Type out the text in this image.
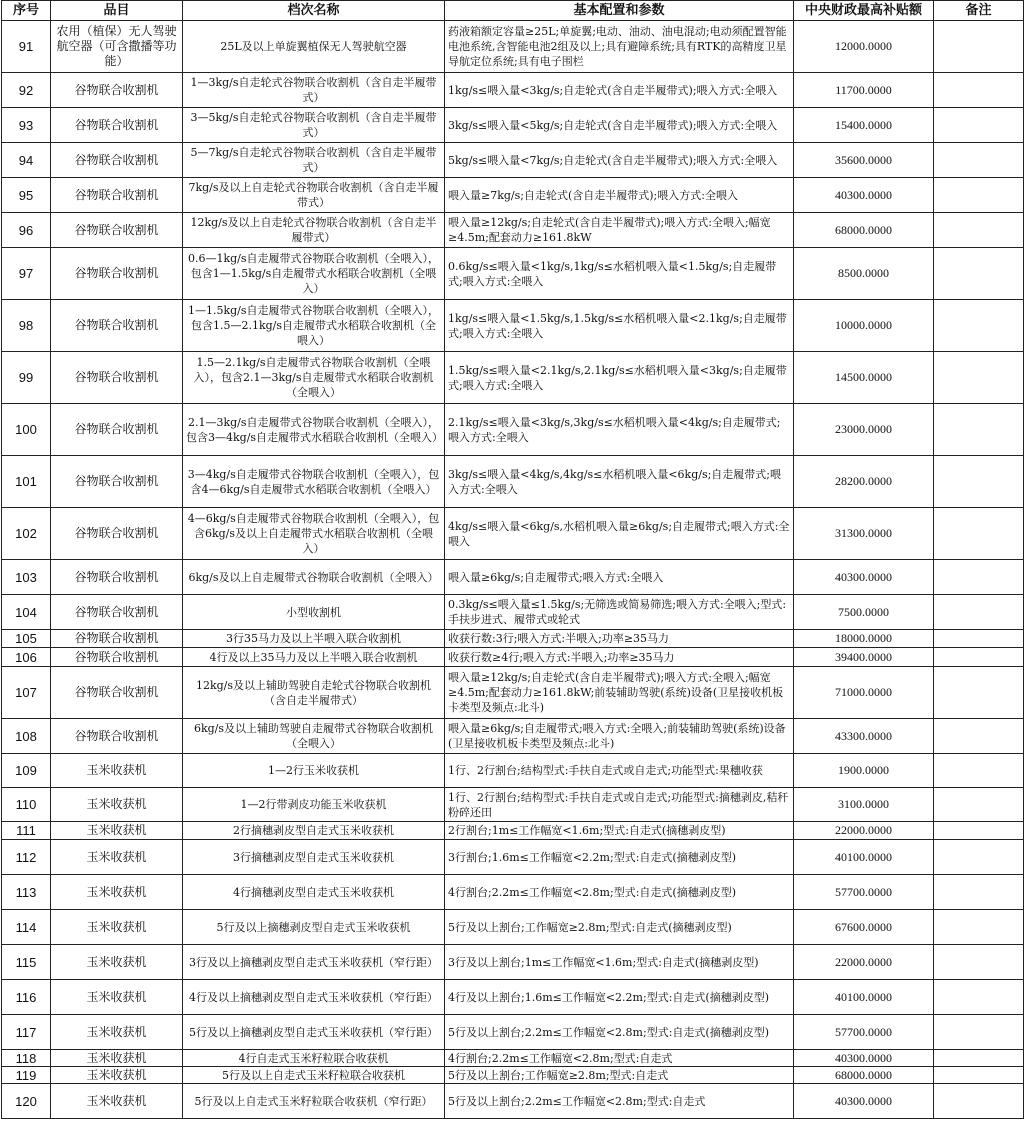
序号	品目	档次名称	基本配置和参数	中央财政最高补贴额	备注
91	农用（植保）无人驾驶航空器（可含撒播等功能）	25L及以上单旋翼植保无人驾驶航空器	药液箱额定容量≥25L;单旋翼;电动、油动、油电混动;电动须配置智能电池系统,含智能电池2组及以上;具有避障系统;具有RTK的高精度卫星导航定位系统;具有电子围栏	12000.0000	
92	谷物联合收割机	1—3kg/s自走轮式谷物联合收割机（含自走半履带式）	1kg/s≤喂入量<3kg/s;自走轮式(含自走半履带式);喂入方式:全喂入	11700.0000	
93	谷物联合收割机	3—5kg/s自走轮式谷物联合收割机（含自走半履带式）	3kg/s≤喂入量<5kg/s;自走轮式(含自走半履带式);喂入方式:全喂入	15400.0000	
94	谷物联合收割机	5—7kg/s自走轮式谷物联合收割机（含自走半履带式）	5kg/s≤喂入量<7kg/s;自走轮式(含自走半履带式);喂入方式:全喂入	35600.0000	
95	谷物联合收割机	7kg/s及以上自走轮式谷物联合收割机（含自走半履带式）	喂入量≥7kg/s;自走轮式(含自走半履带式);喂入方式:全喂入	40300.0000	
96	谷物联合收割机	12kg/s及以上自走轮式谷物联合收割机（含自走半履带式）	喂入量≥12kg/s;自走轮式(含自走半履带式);喂入方式:全喂入;幅宽≥4.5m;配套动力≥161.8kW	68000.0000	
97	谷物联合收割机	0.6—1kg/s自走履带式谷物联合收割机（全喂入），包含1—1.5kg/s自走履带式水稻联合收割机（全喂入）	0.6kg/s≤喂入量<1kg/s,1kg/s≤水稻机喂入量<1.5kg/s;自走履带式;喂入方式:全喂入	8500.0000	
98	谷物联合收割机	1—1.5kg/s自走履带式谷物联合收割机（全喂入），包含1.5—2.1kg/s自走履带式水稻联合收割机（全喂入）	1kg/s≤喂入量<1.5kg/s,1.5kg/s≤水稻机喂入量<2.1kg/s;自走履带式;喂入方式:全喂入	10000.0000	
99	谷物联合收割机	1.5—2.1kg/s自走履带式谷物联合收割机（全喂入），包含2.1—3kg/s自走履带式水稻联合收割机（全喂入）	1.5kg/s≤喂入量<2.1kg/s,2.1kg/s≤水稻机喂入量<3kg/s;自走履带式;喂入方式:全喂入	14500.0000	
100	谷物联合收割机	2.1—3kg/s自走履带式谷物联合收割机（全喂入），包含3—4kg/s自走履带式水稻联合收割机（全喂入）	2.1kg/s≤喂入量<3kg/s,3kg/s≤水稻机喂入量<4kg/s;自走履带式;喂入方式:全喂入	23000.0000	
101	谷物联合收割机	3—4kg/s自走履带式谷物联合收割机（全喂入），包含4—6kg/s自走履带式水稻联合收割机（全喂入）	3kg/s≤喂入量<4kg/s,4kg/s≤水稻机喂入量<6kg/s;自走履带式;喂入方式:全喂入	28200.0000	
102	谷物联合收割机	4—6kg/s自走履带式谷物联合收割机（全喂入），包含6kg/s及以上自走履带式水稻联合收割机（全喂入）	4kg/s≤喂入量<6kg/s,水稻机喂入量≥6kg/s;自走履带式;喂入方式:全喂入	31300.0000	
103	谷物联合收割机	6kg/s及以上自走履带式谷物联合收割机（全喂入）	喂入量≥6kg/s;自走履带式;喂入方式:全喂入	40300.0000	
104	谷物联合收割机	小型收割机	0.3kg/s≤喂入量≤1.5kg/s;无筛选或简易筛选;喂入方式:全喂入;型式:手扶步进式、履带式或轮式	7500.0000	
105	谷物联合收割机	3行35马力及以上半喂入联合收割机	收获行数:3行;喂入方式:半喂入;功率≥35马力	18000.0000	
106	谷物联合收割机	4行及以上35马力及以上半喂入联合收割机	收获行数≥4行;喂入方式:半喂入;功率≥35马力	39400.0000	
107	谷物联合收割机	12kg/s及以上辅助驾驶自走轮式谷物联合收割机（含自走半履带式）	喂入量≥12kg/s;自走轮式(含自走半履带式);喂入方式:全喂入;幅宽≥4.5m;配套动力≥161.8kW;前装辅助驾驶(系统)设备(卫星接收机板卡类型及频点:北斗)	71000.0000	
108	谷物联合收割机	6kg/s及以上辅助驾驶自走履带式谷物联合收割机（全喂入）	喂入量≥6kg/s;自走履带式;喂入方式:全喂入;前装辅助驾驶(系统)设备(卫星接收机板卡类型及频点:北斗)	43300.0000	
109	玉米收获机	1—2行玉米收获机	1行、2行割台;结构型式:手扶自走式或自走式;功能型式:果穗收获	1900.0000	
110	玉米收获机	1—2行带剥皮功能玉米收获机	1行、2行割台;结构型式:手扶自走式或自走式;功能型式:摘穗剥皮,秸秆粉碎还田	3100.0000	
111	玉米收获机	2行摘穗剥皮型自走式玉米收获机	2行割台;1m≤工作幅宽<1.6m;型式:自走式(摘穗剥皮型)	22000.0000	
112	玉米收获机	3行摘穗剥皮型自走式玉米收获机	3行割台;1.6m≤工作幅宽<2.2m;型式:自走式(摘穗剥皮型)	40100.0000	
113	玉米收获机	4行摘穗剥皮型自走式玉米收获机	4行割台;2.2m≤工作幅宽<2.8m;型式:自走式(摘穗剥皮型)	57700.0000	
114	玉米收获机	5行及以上摘穗剥皮型自走式玉米收获机	5行及以上割台;工作幅宽≥2.8m;型式:自走式(摘穗剥皮型)	67600.0000	
115	玉米收获机	3行及以上摘穗剥皮型自走式玉米收获机（窄行距）	3行及以上割台;1m≤工作幅宽<1.6m;型式:自走式(摘穗剥皮型)	22000.0000	
116	玉米收获机	4行及以上摘穗剥皮型自走式玉米收获机（窄行距）	4行及以上割台;1.6m≤工作幅宽<2.2m;型式:自走式(摘穗剥皮型)	40100.0000	
117	玉米收获机	5行及以上摘穗剥皮型自走式玉米收获机（窄行距）	5行及以上割台;2.2m≤工作幅宽<2.8m;型式:自走式(摘穗剥皮型)	57700.0000	
118	玉米收获机	4行自走式玉米籽粒联合收获机	4行割台;2.2m≤工作幅宽<2.8m;型式:自走式	40300.0000	
119	玉米收获机	5行及以上自走式玉米籽粒联合收获机	5行及以上割台;工作幅宽≥2.8m;型式:自走式	68000.0000	
120	玉米收获机	5行及以上自走式玉米籽粒联合收获机（窄行距）	5行及以上割台;2.2m≤工作幅宽<2.8m;型式:自走式	40300.0000	
